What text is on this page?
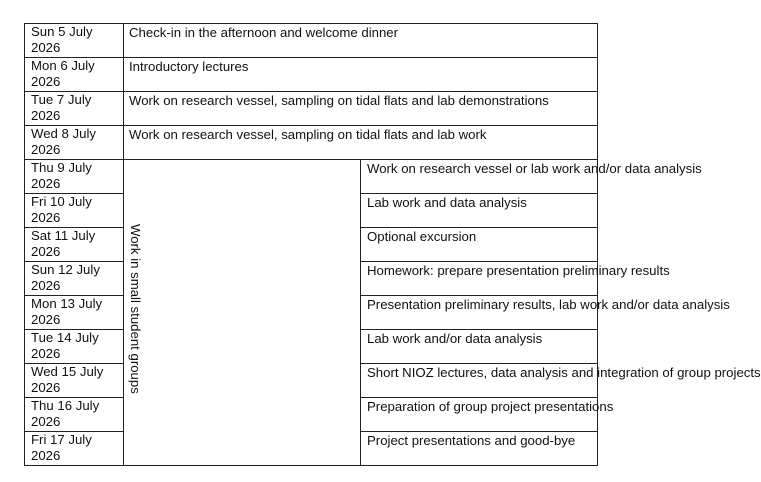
Sun 5 July
2026	Check-in in the afternoon and welcome dinner	

Mon 6 July
2026	Introductory lectures	

Tue 7 July
2026	Work on research vessel, sampling on tidal flats and lab demonstrations	

Wed 8 July
2026	Work on research vessel, sampling on tidal flats and lab work	

Thu 9 July
2026	Work in small student groups	Work on research vessel or lab work and/or data analysis

Fri 10 July
2026		Lab work and data analysis

Sat 11 July
2026		Optional excursion

Sun 12 July
2026		Homework: prepare presentation preliminary results

Mon 13 July
2026		Presentation preliminary results, lab work and/or data analysis

Tue 14 July
2026		Lab work and/or data analysis

Wed 15 July
2026		Short NIOZ lectures, data analysis and integration of group projects

Thu 16 July
2026		Preparation of group project presentations

Fri 17 July
2026		Project presentations and good-bye
